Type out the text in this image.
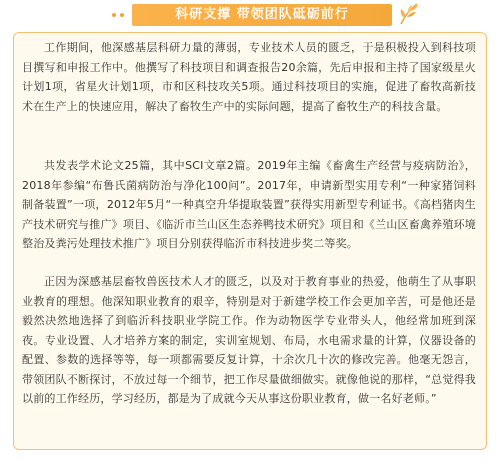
科研支撑 带领团队砥砺前行

工作期间，他深感基层科研力量的薄弱，专业技术人员的匮乏，于是积极投入到科技项目撰写和申报工作中。他撰写了科技项目和调查报告20余篇，先后申报和主持了国家级星火计划1项，省星火计划1项，市和区科技攻关5项。通过科技项目的实施，促进了畜牧高新技术在生产上的快速应用，解决了畜牧生产中的实际问题，提高了畜牧生产的科技含量。

共发表学术论文25篇，其中SCI文章2篇。2019年主编《畜禽生产经营与疫病防治》，2018年参编“布鲁氏菌病防治与净化100问”。2017年，申请新型实用专利“一种家猪饲料制备装置”一项，2012年5月“一种真空升华提取装置”获得实用新型专利证书。《高档猪肉生产技术研究与推广》项目、《临沂市兰山区生态养鸭技术研究》项目和《兰山区畜禽养殖环境整治及粪污处理技术推广》项目分别获得临沂市科技进步奖二等奖。

正因为深感基层畜牧兽医技术人才的匮乏，以及对于教育事业的热爱，他萌生了从事职业教育的理想。他深知职业教育的艰辛，特别是对于新建学校工作会更加辛苦，可是他还是毅然决然地选择了到临沂科技职业学院工作。作为动物医学专业带头人，他经常加班到深夜。专业设置、人才培养方案的制定，实训室规划、布局，水电需求量的计算，仪器设备的配置、参数的选择等等，每一项都需要反复计算，十余次几十次的修改完善。他毫无怨言，带领团队不断探讨，不放过每一个细节，把工作尽量做细做实。就像他说的那样，“总觉得我以前的工作经历，学习经历，都是为了成就今天从事这份职业教育，做一名好老师。”
